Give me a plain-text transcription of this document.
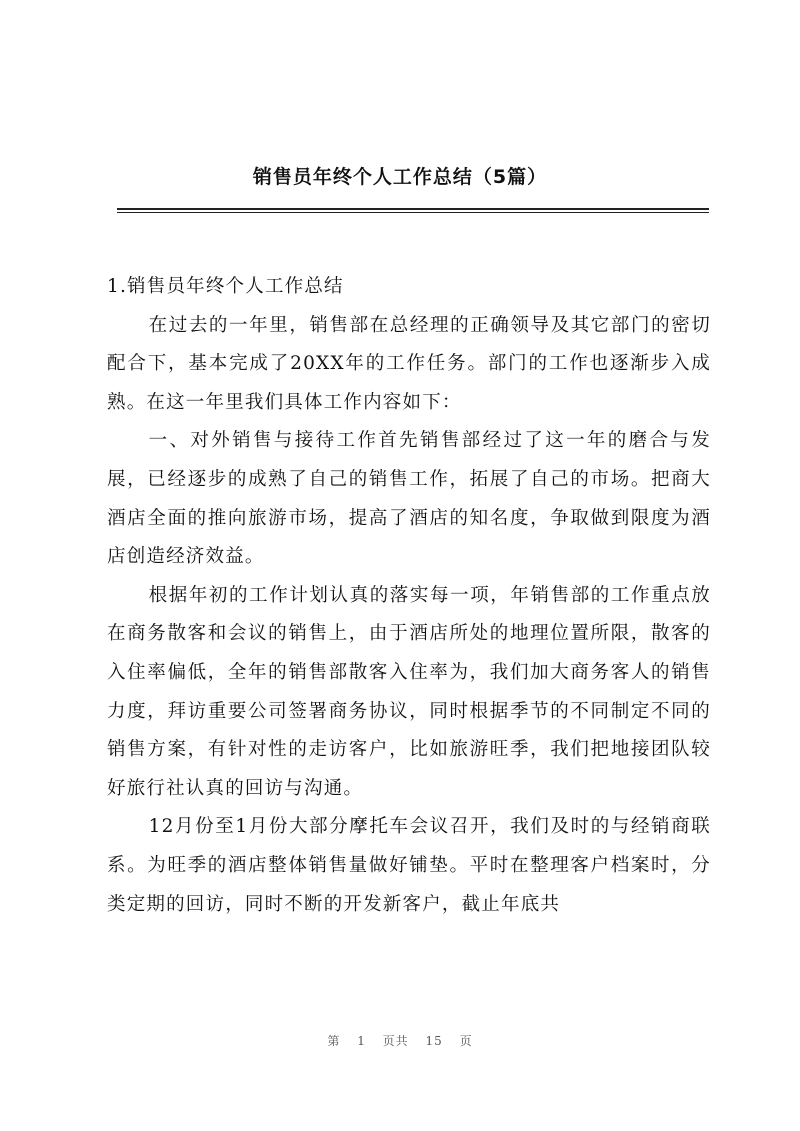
销售员年终个人工作总结（5篇）

1.销售员年终个人工作总结

在过去的一年里，销售部在总经理的正确领导及其它部门的密切配合下，基本完成了20XX年的工作任务。部门的工作也逐渐步入成熟。在这一年里我们具体工作内容如下：

一、对外销售与接待工作首先销售部经过了这一年的磨合与发展，已经逐步的成熟了自己的销售工作，拓展了自己的市场。把商大酒店全面的推向旅游市场，提高了酒店的知名度，争取做到限度为酒店创造经济效益。

根据年初的工作计划认真的落实每一项，年销售部的工作重点放在商务散客和会议的销售上，由于酒店所处的地理位置所限，散客的入住率偏低，全年的销售部散客入住率为，我们加大商务客人的销售力度，拜访重要公司签署商务协议，同时根据季节的不同制定不同的销售方案，有针对性的走访客户，比如旅游旺季，我们把地接团队较好旅行社认真的回访与沟通。

12月份至1月份大部分摩托车会议召开，我们及时的与经销商联系。为旺季的酒店整体销售量做好铺垫。平时在整理客户档案时，分类定期的回访，同时不断的开发新客户，截止年底共

第 1 页共 15 页
